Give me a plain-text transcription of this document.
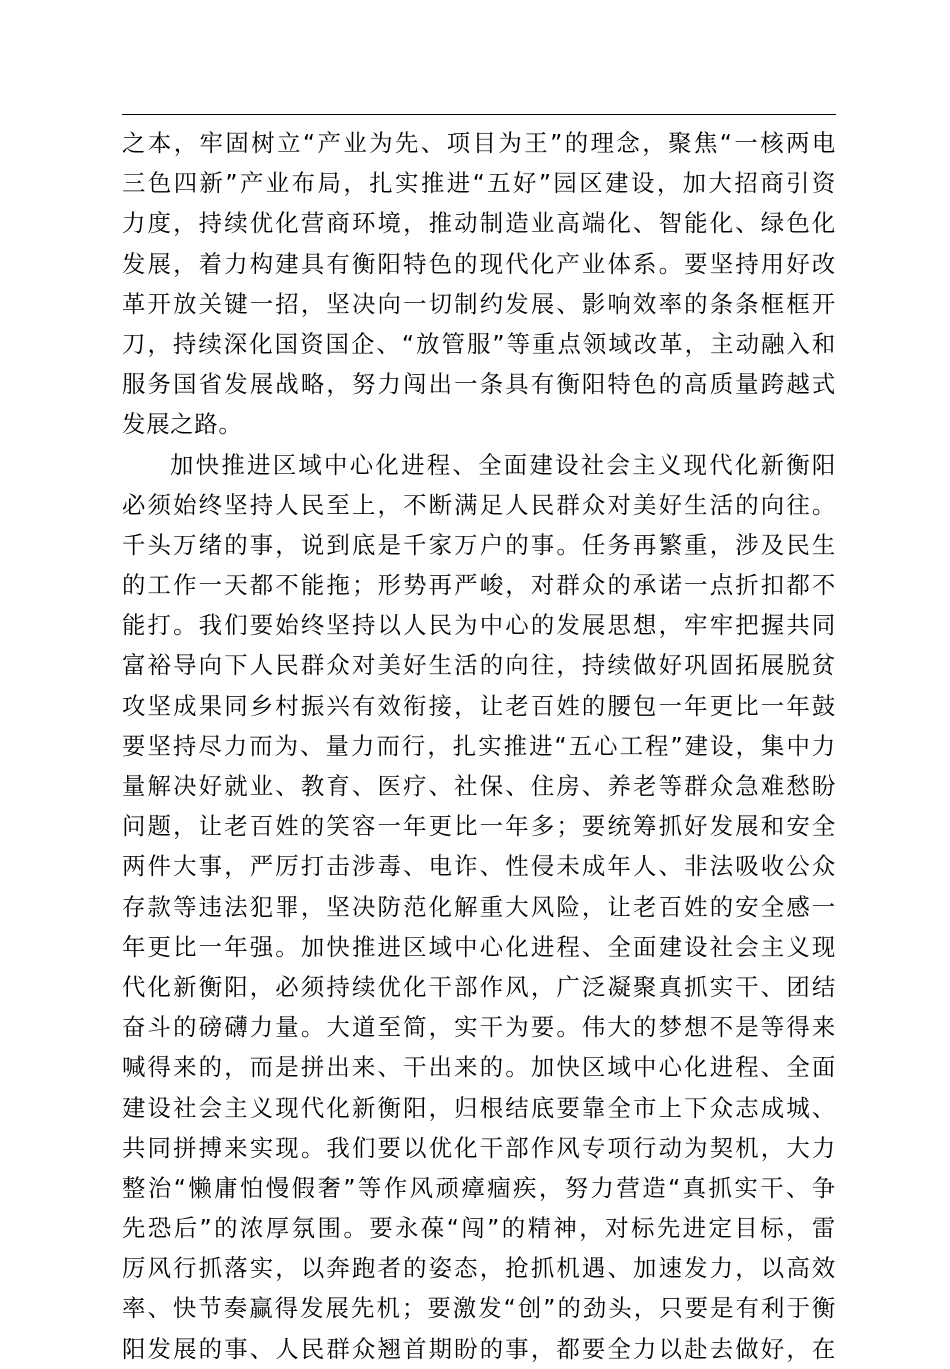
之本，牢固树立“产业为先、项目为王”的理念，聚焦“一核两电
三色四新”产业布局，扎实推进“五好”园区建设，加大招商引资
力度，持续优化营商环境，推动制造业高端化、智能化、绿色化
发展，着力构建具有衡阳特色的现代化产业体系。要坚持用好改
革开放关键一招，坚决向一切制约发展、影响效率的条条框框开
刀，持续深化国资国企、“放管服”等重点领域改革，主动融入和
服务国省发展战略，努力闯出一条具有衡阳特色的高质量跨越式
发展之路。
加快推进区域中心化进程、全面建设社会主义现代化新衡阳
必须始终坚持人民至上，不断满足人民群众对美好生活的向往。
千头万绪的事，说到底是千家万户的事。任务再繁重，涉及民生
的工作一天都不能拖；形势再严峻，对群众的承诺一点折扣都不
能打。我们要始终坚持以人民为中心的发展思想，牢牢把握共同
富裕导向下人民群众对美好生活的向往，持续做好巩固拓展脱贫
攻坚成果同乡村振兴有效衔接，让老百姓的腰包一年更比一年鼓
要坚持尽力而为、量力而行，扎实推进“五心工程”建设，集中力
量解决好就业、教育、医疗、社保、住房、养老等群众急难愁盼
问题，让老百姓的笑容一年更比一年多；要统筹抓好发展和安全
两件大事，严厉打击涉毒、电诈、性侵未成年人、非法吸收公众
存款等违法犯罪，坚决防范化解重大风险，让老百姓的安全感一
年更比一年强。加快推进区域中心化进程、全面建设社会主义现
代化新衡阳，必须持续优化干部作风，广泛凝聚真抓实干、团结
奋斗的磅礴力量。大道至简，实干为要。伟大的梦想不是等得来
喊得来的，而是拼出来、干出来的。加快区域中心化进程、全面
建设社会主义现代化新衡阳，归根结底要靠全市上下众志成城、
共同拼搏来实现。我们要以优化干部作风专项行动为契机，大力
整治“懒庸怕慢假奢”等作风顽瘴痼疾，努力营造“真抓实干、争
先恐后”的浓厚氛围。要永葆“闯”的精神，对标先进定目标，雷
厉风行抓落实，以奔跑者的姿态，抢抓机遇、加速发力，以高效
率、快节奏赢得发展先机；要激发“创”的劲头，只要是有利于衡
阳发展的事、人民群众翘首期盼的事，都要全力以赴去做好，在
